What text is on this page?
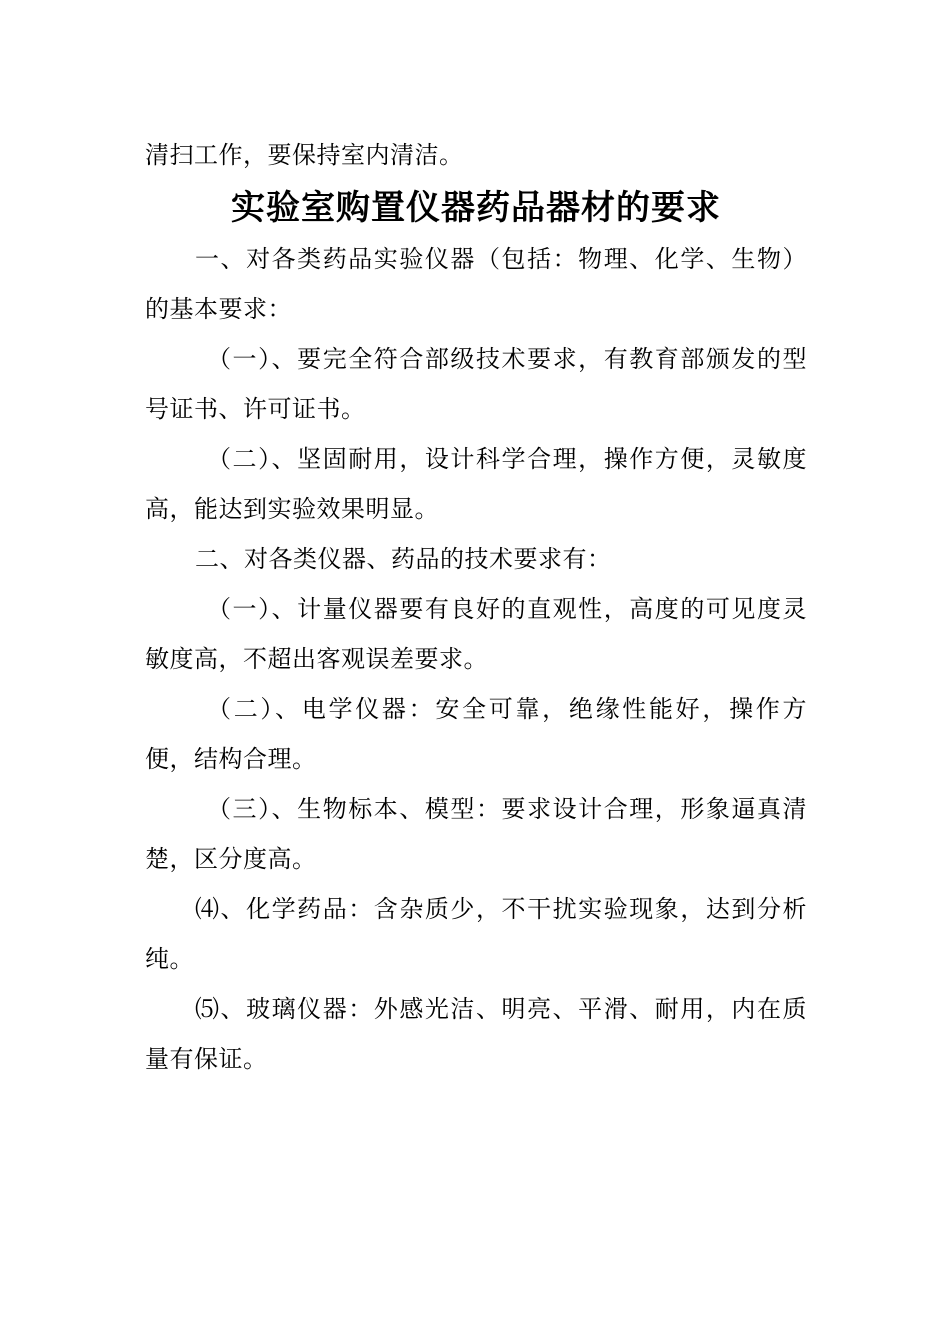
清扫工作，要保持室内清洁。

实验室购置仪器药品器材的要求

一、对各类药品实验仪器（包括：物理、化学、生物）的基本要求：

（一）、要完全符合部级技术要求，有教育部颁发的型号证书、许可证书。

（二）、坚固耐用，设计科学合理，操作方便，灵敏度高，能达到实验效果明显。

二、对各类仪器、药品的技术要求有：

（一）、计量仪器要有良好的直观性，高度的可见度灵敏度高，不超出客观误差要求。

（二）、电学仪器：安全可靠，绝缘性能好，操作方便，结构合理。

（三）、生物标本、模型：要求设计合理，形象逼真清楚，区分度高。

⑷、化学药品：含杂质少，不干扰实验现象，达到分析纯。

⑸、玻璃仪器：外感光洁、明亮、平滑、耐用，内在质量有保证。
